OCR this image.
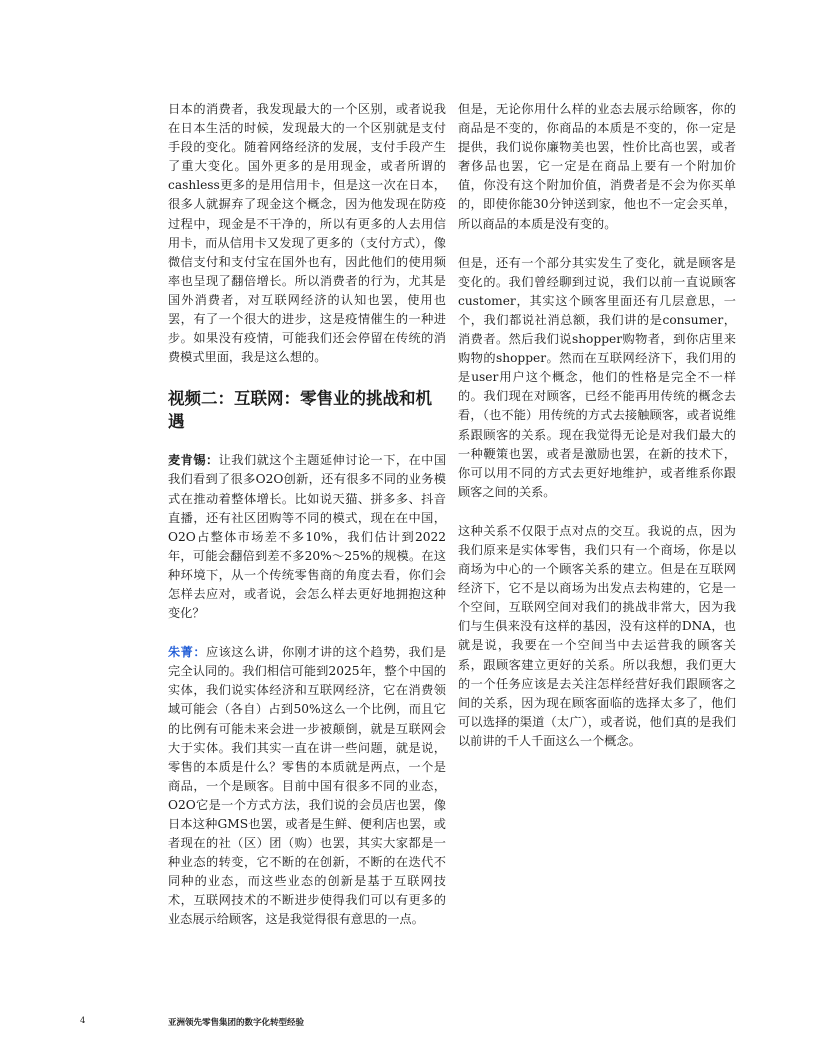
日本的消费者，我发现最大的一个区别，或者说我在日本生活的时候，发现最大的一个区别就是支付手段的变化。随着网络经济的发展，支付手段产生了重大变化。国外更多的是用现金，或者所谓的cashless更多的是用信用卡，但是这一次在日本，很多人就摒弃了现金这个概念，因为他发现在防疫过程中，现金是不干净的，所以有更多的人去用信用卡，而从信用卡又发现了更多的（支付方式），像微信支付和支付宝在国外也有，因此他们的使用频率也呈现了翻倍增长。所以消费者的行为，尤其是国外消费者，对互联网经济的认知也罢，使用也罢，有了一个很大的进步，这是疫情催生的一种进步。如果没有疫情，可能我们还会停留在传统的消费模式里面，我是这么想的。

视频二：互联网：零售业的挑战和机遇

麦肯锡：让我们就这个主题延伸讨论一下，在中国我们看到了很多O2O创新，还有很多不同的业务模式在推动着整体增长。比如说天猫、拼多多、抖音直播，还有社区团购等不同的模式，现在在中国，O2O占整体市场差不多10%，我们估计到2022年，可能会翻倍到差不多20%～25%的规模。在这种环境下，从一个传统零售商的角度去看，你们会怎样去应对，或者说，会怎么样去更好地拥抱这种变化？

朱菁：应该这么讲，你刚才讲的这个趋势，我们是完全认同的。我们相信可能到2025年，整个中国的实体，我们说实体经济和互联网经济，它在消费领域可能会（各自）占到50%这么一个比例，而且它的比例有可能未来会进一步被颠倒，就是互联网会大于实体。我们其实一直在讲一些问题，就是说，零售的本质是什么？零售的本质就是两点，一个是商品，一个是顾客。目前中国有很多不同的业态，O2O它是一个方式方法，我们说的会员店也罢，像日本这种GMS也罢，或者是生鲜、便利店也罢，或者现在的社（区）团（购）也罢，其实大家都是一种业态的转变，它不断的在创新，不断的在迭代不同种的业态，而这些业态的创新是基于互联网技术，互联网技术的不断进步使得我们可以有更多的业态展示给顾客，这是我觉得很有意思的一点。

但是，无论你用什么样的业态去展示给顾客，你的商品是不变的，你商品的本质是不变的，你一定是提供，我们说你廉物美也罢，性价比高也罢，或者奢侈品也罢，它一定是在商品上要有一个附加价值，你没有这个附加价值，消费者是不会为你买单的，即使你能30分钟送到家，他也不一定会买单，所以商品的本质是没有变的。

但是，还有一个部分其实发生了变化，就是顾客是变化的。我们曾经聊到过说，我们以前一直说顾客customer，其实这个顾客里面还有几层意思，一个，我们都说社消总额，我们讲的是consumer，消费者。然后我们说shopper购物者，到你店里来购物的shopper。然而在互联网经济下，我们用的是user用户这个概念，他们的性格是完全不一样的。我们现在对顾客，已经不能再用传统的概念去看，（也不能）用传统的方式去接触顾客，或者说维系跟顾客的关系。现在我觉得无论是对我们最大的一种鞭策也罢，或者是激励也罢，在新的技术下，你可以用不同的方式去更好地维护，或者维系你跟顾客之间的关系。

这种关系不仅限于点对点的交互。我说的点，因为我们原来是实体零售，我们只有一个商场，你是以商场为中心的一个顾客关系的建立。但是在互联网经济下，它不是以商场为出发点去构建的，它是一个空间，互联网空间对我们的挑战非常大，因为我们与生俱来没有这样的基因，没有这样的DNA，也就是说，我要在一个空间当中去运营我的顾客关系，跟顾客建立更好的关系。所以我想，我们更大的一个任务应该是去关注怎样经营好我们跟顾客之间的关系，因为现在顾客面临的选择太多了，他们可以选择的渠道（太广），或者说，他们真的是我们以前讲的千人千面这么一个概念。

4	亚洲领先零售集团的数字化转型经验
